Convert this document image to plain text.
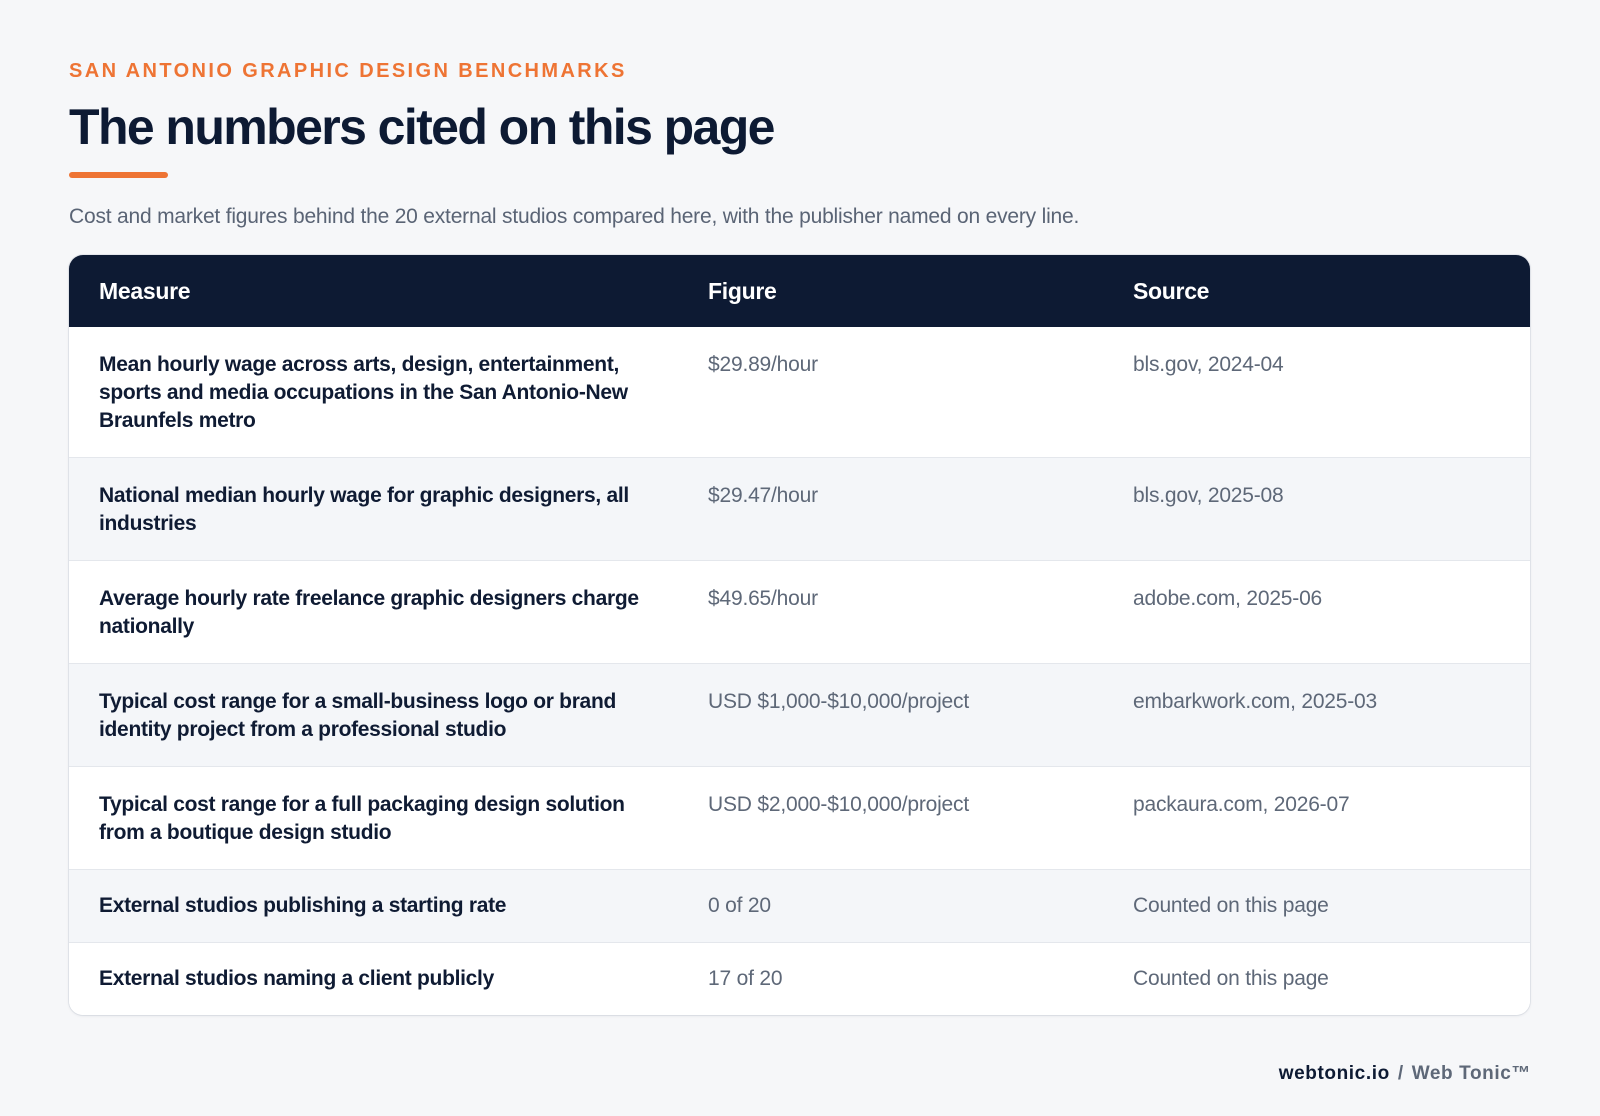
SAN ANTONIO GRAPHIC DESIGN BENCHMARKS
The numbers cited on this page

Cost and market figures behind the 20 external studios compared here, with the publisher named on every line.

Measure	Figure	Source
Mean hourly wage across arts, design, entertainment, sports and media occupations in the San Antonio-New Braunfels metro	$29.89/hour	bls.gov, 2024-04
National median hourly wage for graphic designers, all industries	$29.47/hour	bls.gov, 2025-08
Average hourly rate freelance graphic designers charge nationally	$49.65/hour	adobe.com, 2025-06
Typical cost range for a small-business logo or brand identity project from a professional studio	USD $1,000-$10,000/project	embarkwork.com, 2025-03
Typical cost range for a full packaging design solution from a boutique design studio	USD $2,000-$10,000/project	packaura.com, 2026-07
External studios publishing a starting rate	0 of 20	Counted on this page
External studios naming a client publicly	17 of 20	Counted on this page
webtonic.io / Web Tonic™
